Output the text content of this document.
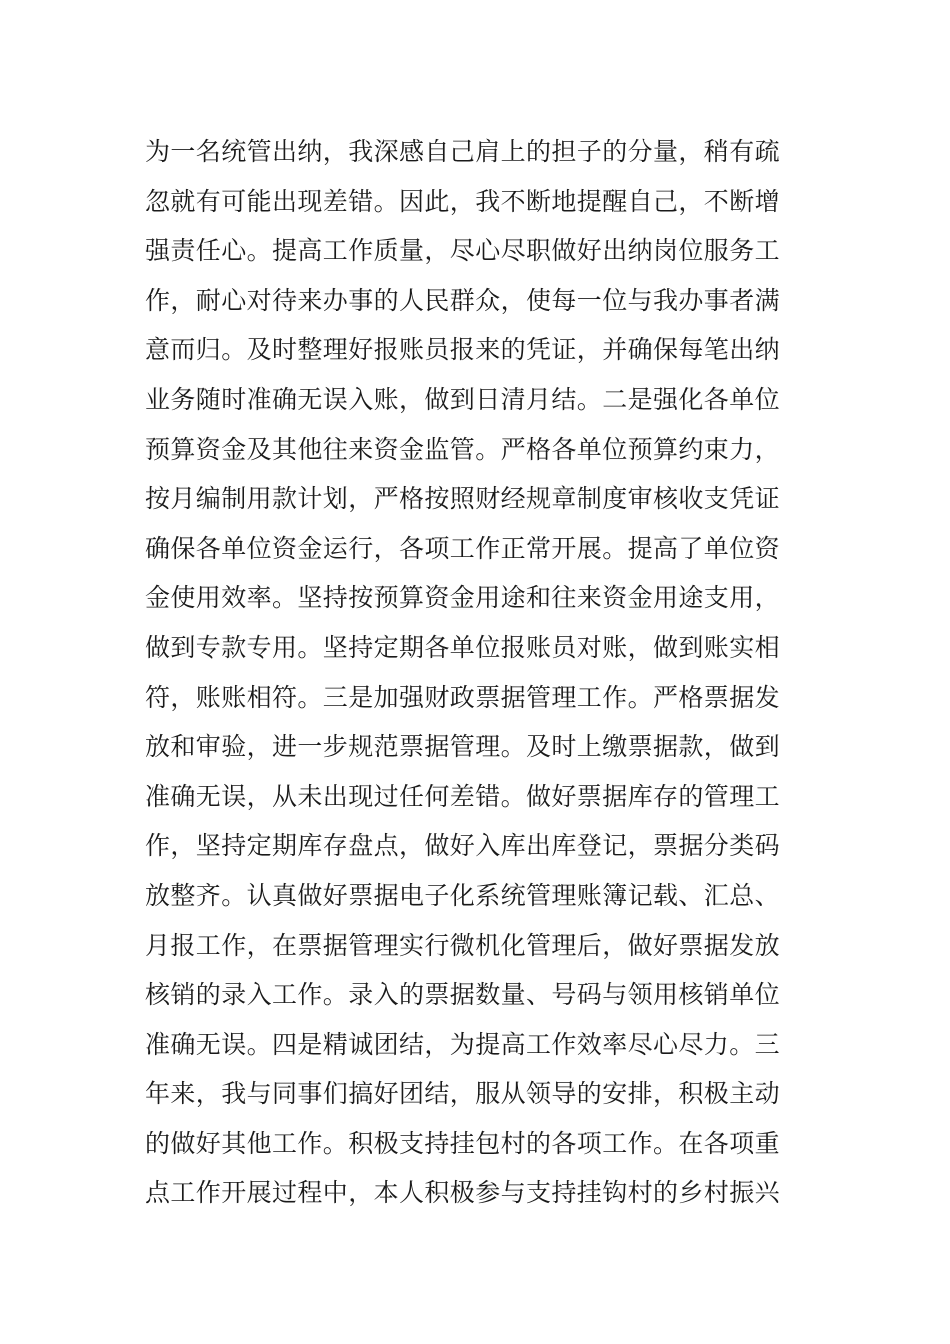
为一名统管出纳，我深感自己肩上的担子的分量，稍有疏
忽就有可能出现差错。因此，我不断地提醒自己，不断增
强责任心。提高工作质量，尽心尽职做好出纳岗位服务工
作，耐心对待来办事的人民群众，使每一位与我办事者满
意而归。及时整理好报账员报来的凭证，并确保每笔出纳
业务随时准确无误入账，做到日清月结。二是强化各单位
预算资金及其他往来资金监管。严格各单位预算约束力，
按月编制用款计划，严格按照财经规章制度审核收支凭证
确保各单位资金运行，各项工作正常开展。提高了单位资
金使用效率。坚持按预算资金用途和往来资金用途支用，
做到专款专用。坚持定期各单位报账员对账，做到账实相
符，账账相符。三是加强财政票据管理工作。严格票据发
放和审验，进一步规范票据管理。及时上缴票据款，做到
准确无误，从未出现过任何差错。做好票据库存的管理工
作，坚持定期库存盘点，做好入库出库登记，票据分类码
放整齐。认真做好票据电子化系统管理账簿记载、汇总、
月报工作，在票据管理实行微机化管理后，做好票据发放
核销的录入工作。录入的票据数量、号码与领用核销单位
准确无误。四是精诚团结，为提高工作效率尽心尽力。三
年来，我与同事们搞好团结，服从领导的安排，积极主动
的做好其他工作。积极支持挂包村的各项工作。在各项重
点工作开展过程中，本人积极参与支持挂钩村的乡村振兴
